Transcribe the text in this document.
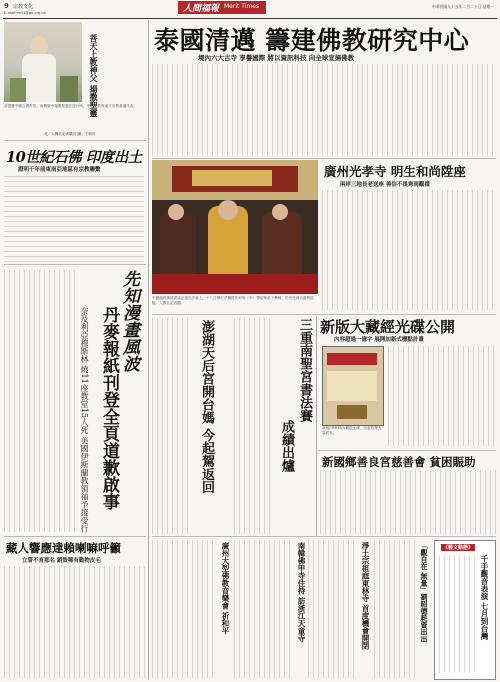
9 宗教文化
E-mail:mrt3@ga.org.tw	人間福報 Merit Times	中華民國九十五年二月二十日 星期一
菩天上教神父 揚撒聖靈
菩提寶中聯合禮拜堂，南傳聖寺揚撒聖靈在遊行時，中巴宗教與東方宗教會議代表。
北／人間社記者攝於 圖／王朝川
10世紀石佛 印度出土
證明千年前東南亞地區有宗教聯繫
先知漫畫風波
丹麥報紙刊登全頁道歉啟事
奈及利亞穆斯林 燒11座教堂15人死 美國伊斯蘭教領袖予接受行
藏人響應達賴喇嘛呼籲
立誓不育那名 銷毀稀有動物皮毛
泰國清邁 籌建佛教研究中心
境內六大古寺 享譽國際 將以資訊科技 向全球宣揚佛教
中國佛教佛經書協正復光法會上，十八日舉行法傳經先和尚（中）帶領眾弟子參與，於首受到大盛勢經驗。人間社記者攝
廣州光孝寺 明生和尚陞座
兩岸三地長老送座 善信不畏寒雨觀禮
澎湖天后宮開台媽 今起駕返回	三重南聖宮書法賽
成績出爐
新版大藏經光碟公開
內容超過一億字 展開加新式標點計畫
新版CBETA大藏經光碟，內容收錄大量經本。
新國鄉善良宮慈善會 貧困賑助
廣州大型佛教音樂會 祈和平	南韓佛甲寺住持 訪浙江天童寺	淨土宗祖庭東林寺 首度機會開閉	「觀自在 無量」劉昭德耗資出出	《藝文動態》
千手觀音表演 七月到台灣
